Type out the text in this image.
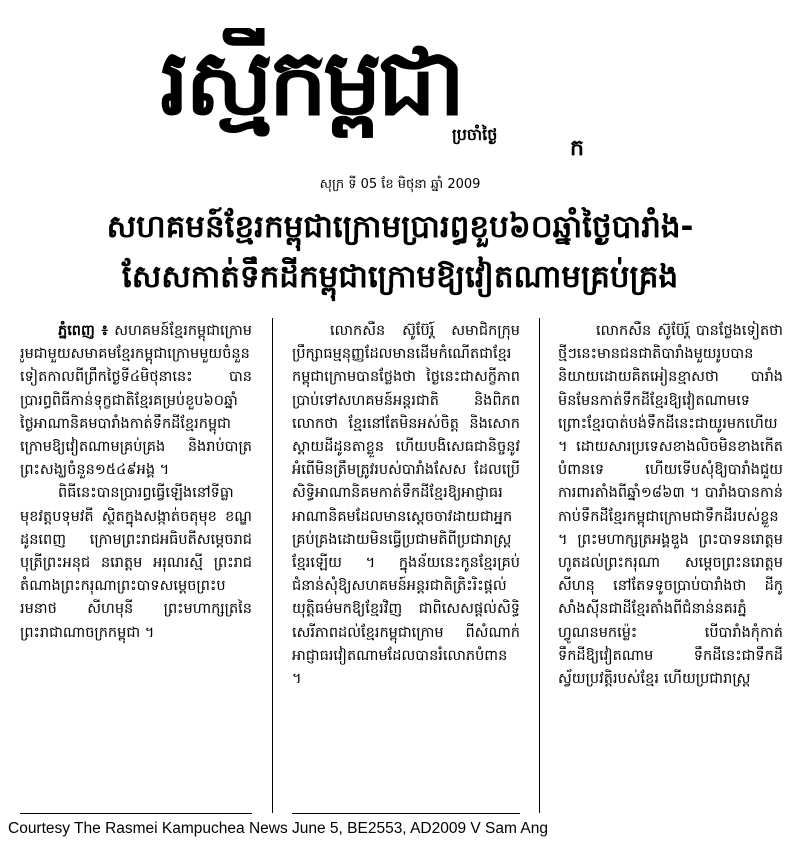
រស្មីកម្ពុជា
ប្រចាំថ្ងៃ
ក
សុក្រ ទី 05 ខែ មិថុនា ឆ្នាំ 2009
សហគមន៍ខ្មែរកម្ពុជាក្រោមប្រារព្ធខួប៦០ឆ្នាំថ្ងៃបារាំង-
សែសកាត់ទឹកដីកម្ពុជាក្រោមឱ្យវៀតណាមគ្រប់គ្រង

ភ្នំពេញ ៖ សហគមន៍ខ្មែរកម្ពុជាក្រោម រួមជាមួយសមាគមខ្មែរកម្ពុជាក្រោមមួយចំនួនទៀតកាលពីព្រឹកថ្ងៃទី៤មិថុនានេះ បានប្រារព្ធពិធីកាន់ទុក្ខជាតិខ្មែរគម្រប់ខួប៦០ឆ្នាំ ថ្ងៃអាណានិគមបារាំងកាត់ទឹកដីខ្មែរកម្ពុជាក្រោមឱ្យវៀតណាមគ្រប់គ្រង និងរាប់បាត្រព្រះសង្ឃចំនួន១៥៤៩អង្គ ។

ពិធីនេះបានប្រារព្ធធ្វើឡើងនៅទីធ្លាមុខវត្តបទុមវតី ស្ថិតក្នុងសង្កាត់ចតុមុខ ខណ្ឌដូនពេញ ក្រោមព្រះរាជអធិបតីសម្តេចរាជបុត្រីព្រះអនុជ នរោត្តម អរុណរស្មី ព្រះរាជតំណាងព្រះករុណាព្រះបាទសម្តេចព្រះបរមនាថ សីហមុនី ព្រះមហាក្សត្រនៃព្រះរាជាណាចក្រកម្ពុជា ។

លោកសឺន ស៊ូប៊ែរ្ត៍ សមាជិកក្រុមប្រឹក្សាធម្មនុញ្ញដែលមានដើមកំណើតជាខ្មែរកម្ពុជាក្រោមបានថ្លែងថា ថ្ងៃនេះជាសក្ខីភាពប្រាប់ទៅសហគមន៍អន្តរជាតិ និងពិភពលោកថា ខ្មែរនៅតែមិនអស់ចិត្ត និងសោកស្តាយដីដូនតាខ្លួន ហើយបងិសេធជានិច្ចនូវអំពើមិនត្រឹមត្រូវរបស់បារាំងសែស ដែលប្រើសិទ្ធិអាណានិគមកាត់ទឹកដីខ្មែរឱ្យអាជ្ញាធរអាណានិគមដែលមានស្តេចចាវដាយជាអ្នកគ្រប់គ្រងដោយមិនធ្វើប្រជាមតិពីប្រជារាស្ត្រខ្មែរឡើយ ។ ក្នុងន័យនេះកូនខ្មែរគ្រប់ជំនាន់សុំឱ្យសហគមន៍អន្តរជាតិត្រិះរិះផ្តល់យុត្តិធម៌មកឱ្យខ្មែរវិញ ជាពិសេសផ្តល់សិទ្ធិសេរីភាពដល់ខ្មែរកម្ពុជាក្រោម ពីសំណាក់អាជ្ញាធរវៀតណាមដែលបានរំលោភបំពាន ។

លោកសឺន ស៊ូប៊ែរ្ត៍ បានថ្លែងទៀតថា ថ្មីៗនេះមានជនជាតិបារាំងមួយរូបបាននិយាយដោយគិតអៀនខ្មាសថា បារាំងមិនមែនកាត់ទឹកដីខ្មែរឱ្យវៀតណាមទេ ព្រោះខ្មែរបាត់បង់ទឹកដីនេះជាយូរមកហើយ ។ ដោយសារប្រទេសខាងលិចមិនខាងកើតបំពានទេ ហើយទើបសុំឱ្យបារាំងជួយការពារតាំងពីឆ្នាំ១៨៦៣ ។ បារាំងបានកាន់កាប់ទឹកដីខ្មែរកម្ពុជាក្រោមជាទឹកដីរបស់ខ្លួន ។ ព្រះមហាក្សត្រអង្គឌួង ព្រះបាទនរោត្តម ហូតដល់ព្រះករុណា សម្តេចព្រះនរោត្តម សីហនុ នៅតែទទូចប្រាប់បារាំងថា ដីកូសាំងស៊ីនជាដីខ្មែរតាំងពីជំនាន់នគរភ្នំ ហ្វូណនមកម៉្លេះ បើបារាំងកុំកាត់ទឹកដីឱ្យវៀតណាម ទឹកដីនេះជាទឹកដីស្វ័យប្រវត្តិរបស់ខ្មែរ ហើយប្រជារាស្ត្រ

Courtesy The Rasmei Kampuchea News June 5, BE2553, AD2009 V Sam Ang
